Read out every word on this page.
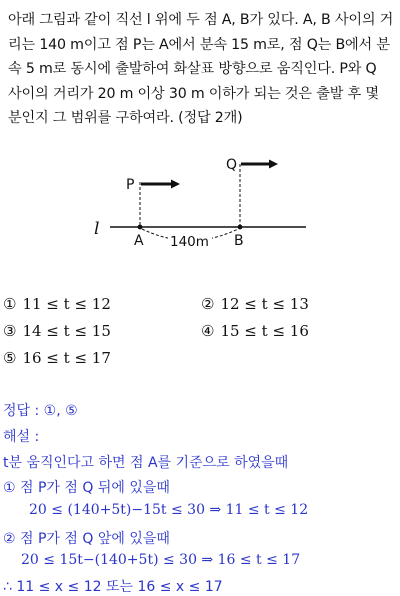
아래 그림과 같이 직선 l 위에 두 점 A, B가 있다. A, B 사이의 거리는 140 m이고 점 P는 A에서 분속 15 m로, 점 Q는 B에서 분속 5 m로 동시에 출발하여 화살표 방향으로 움직인다. P와 Q 사이의 거리가 20 m 이상 30 m 이하가 되는 것은 출발 후 몇 분인지 그 범위를 구하여라. (정답 2개)

l
A	B
140m
P
Q
① 11 ≤ t ≤ 12	② 12 ≤ t ≤ 13
③ 14 ≤ t ≤ 15	④ 15 ≤ t ≤ 16
⑤ 16 ≤ t ≤ 17
정답 : ①, ⑤
해설 :
t분 움직인다고 하면 점 A를 기준으로 하였을때
① 점 P가 점 Q 뒤에 있을때
20 ≤ (140+5t)−15t ≤ 30 ⇒ 11 ≤ t ≤ 12
② 점 P가 점 Q 앞에 있을때
20 ≤ 15t−(140+5t) ≤ 30 ⇒ 16 ≤ t ≤ 17
∴ 11 ≤ x ≤ 12 또는 16 ≤ x ≤ 17
